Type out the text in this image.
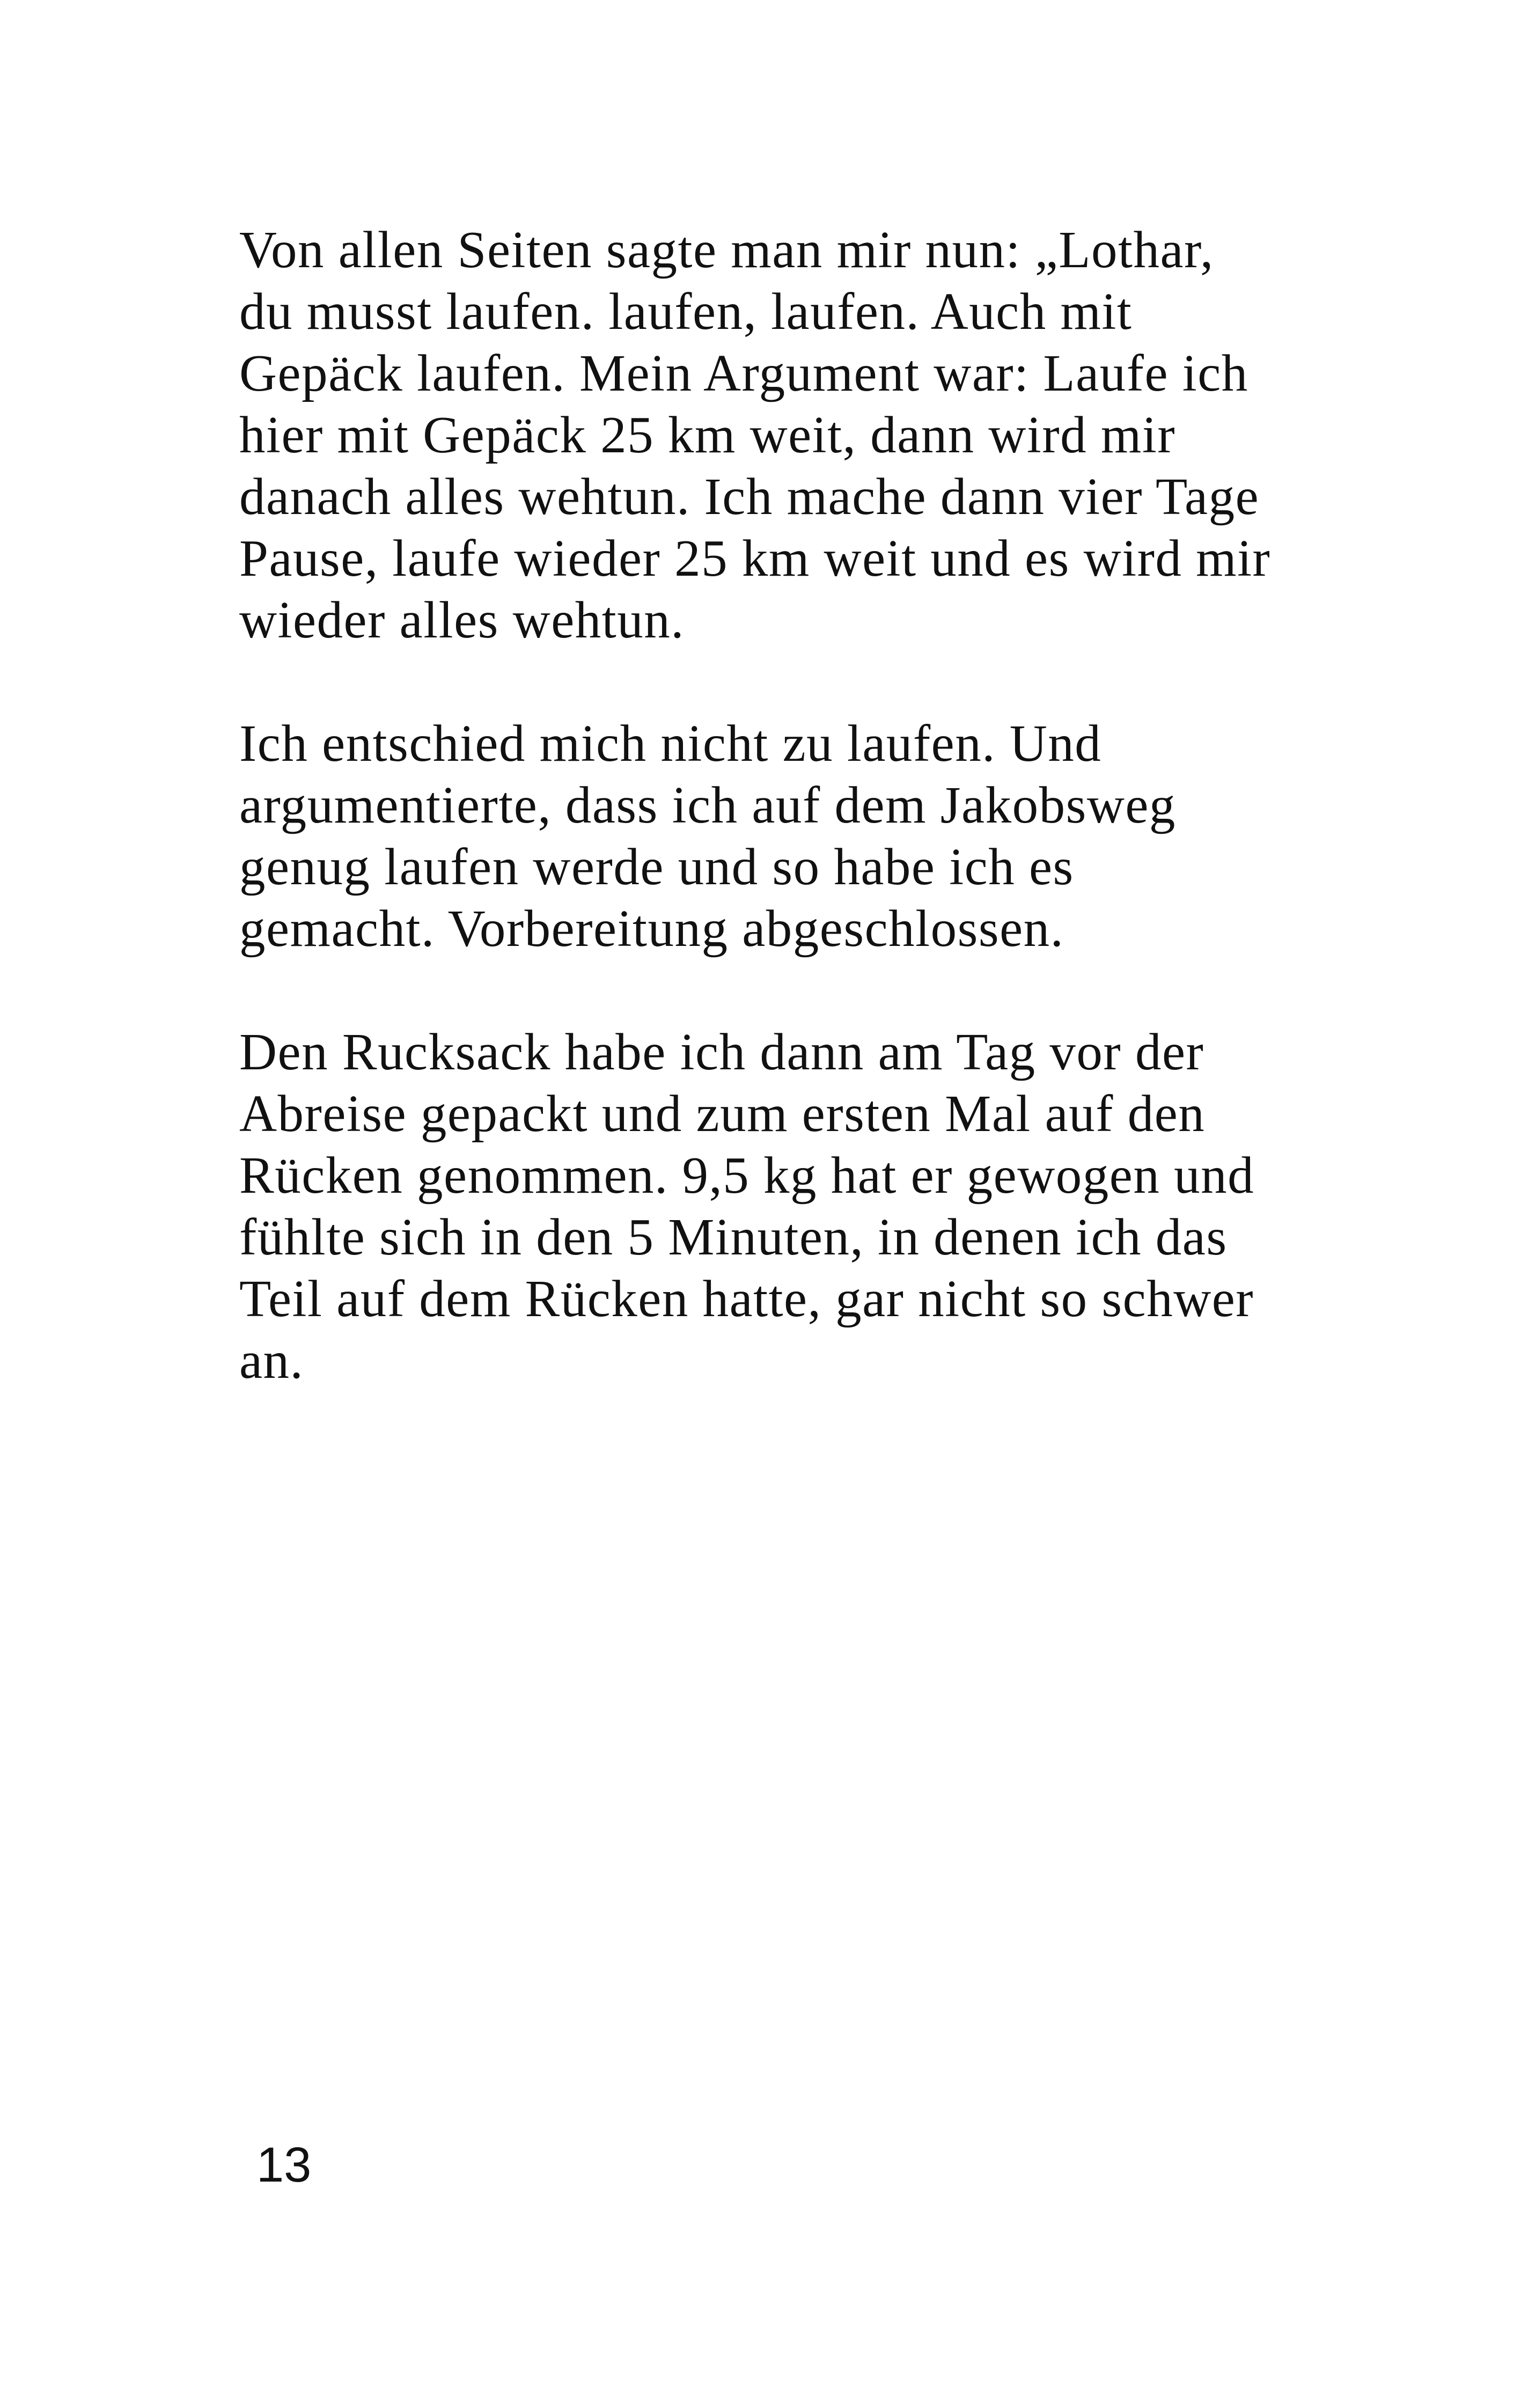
Von allen Seiten sagte man mir nun: „Lothar,
du musst laufen. laufen, laufen. Auch mit
Gepäck laufen. Mein Argument war: Laufe ich
hier mit Gepäck 25 km weit, dann wird mir
danach alles wehtun. Ich mache dann vier Tage
Pause, laufe wieder 25 km weit und es wird mir
wieder alles wehtun.

Ich entschied mich nicht zu laufen. Und
argumentierte, dass ich auf dem Jakobsweg
genug laufen werde und so habe ich es
gemacht. Vorbereitung abgeschlossen.

Den Rucksack habe ich dann am Tag vor der
Abreise gepackt und zum ersten Mal auf den
Rücken genommen. 9,5 kg hat er gewogen und
fühlte sich in den 5 Minuten, in denen ich das
Teil auf dem Rücken hatte, gar nicht so schwer
an.

13
